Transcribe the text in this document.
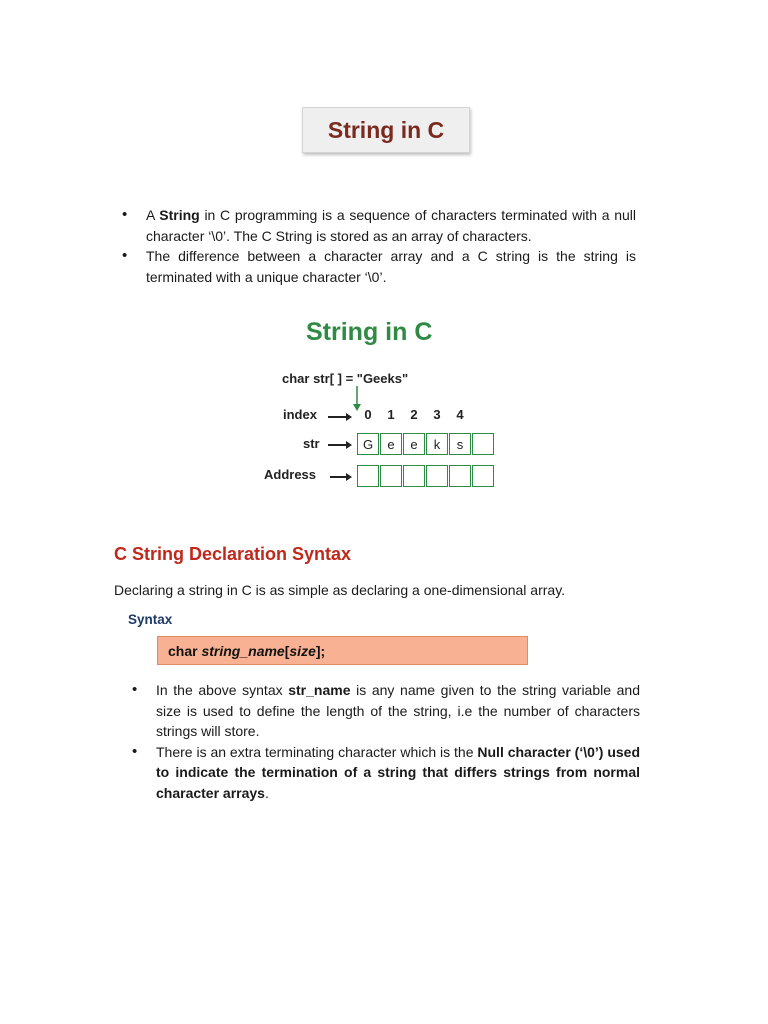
String in C
• A String in C programming is a sequence of characters terminated with a null character ‘\0’. The C String is stored as an array of characters.
• The difference between a character array and a C string is the string is terminated with a unique character ‘\0’.
String in C
char str[ ] = "Geeks"
index	0	1	2	3	4
str	G	e	e	k	s
Address
C String Declaration Syntax
Declaring a string in C is as simple as declaring a one-dimensional array.
Syntax
char string_name [ size ];
• In the above syntax str_name is any name given to the string variable and size is used to define the length of the string, i.e the number of characters strings will store.
• There is an extra terminating character which is the Null character (‘\0’) used to indicate the termination of a string that differs strings from normal character arrays.
